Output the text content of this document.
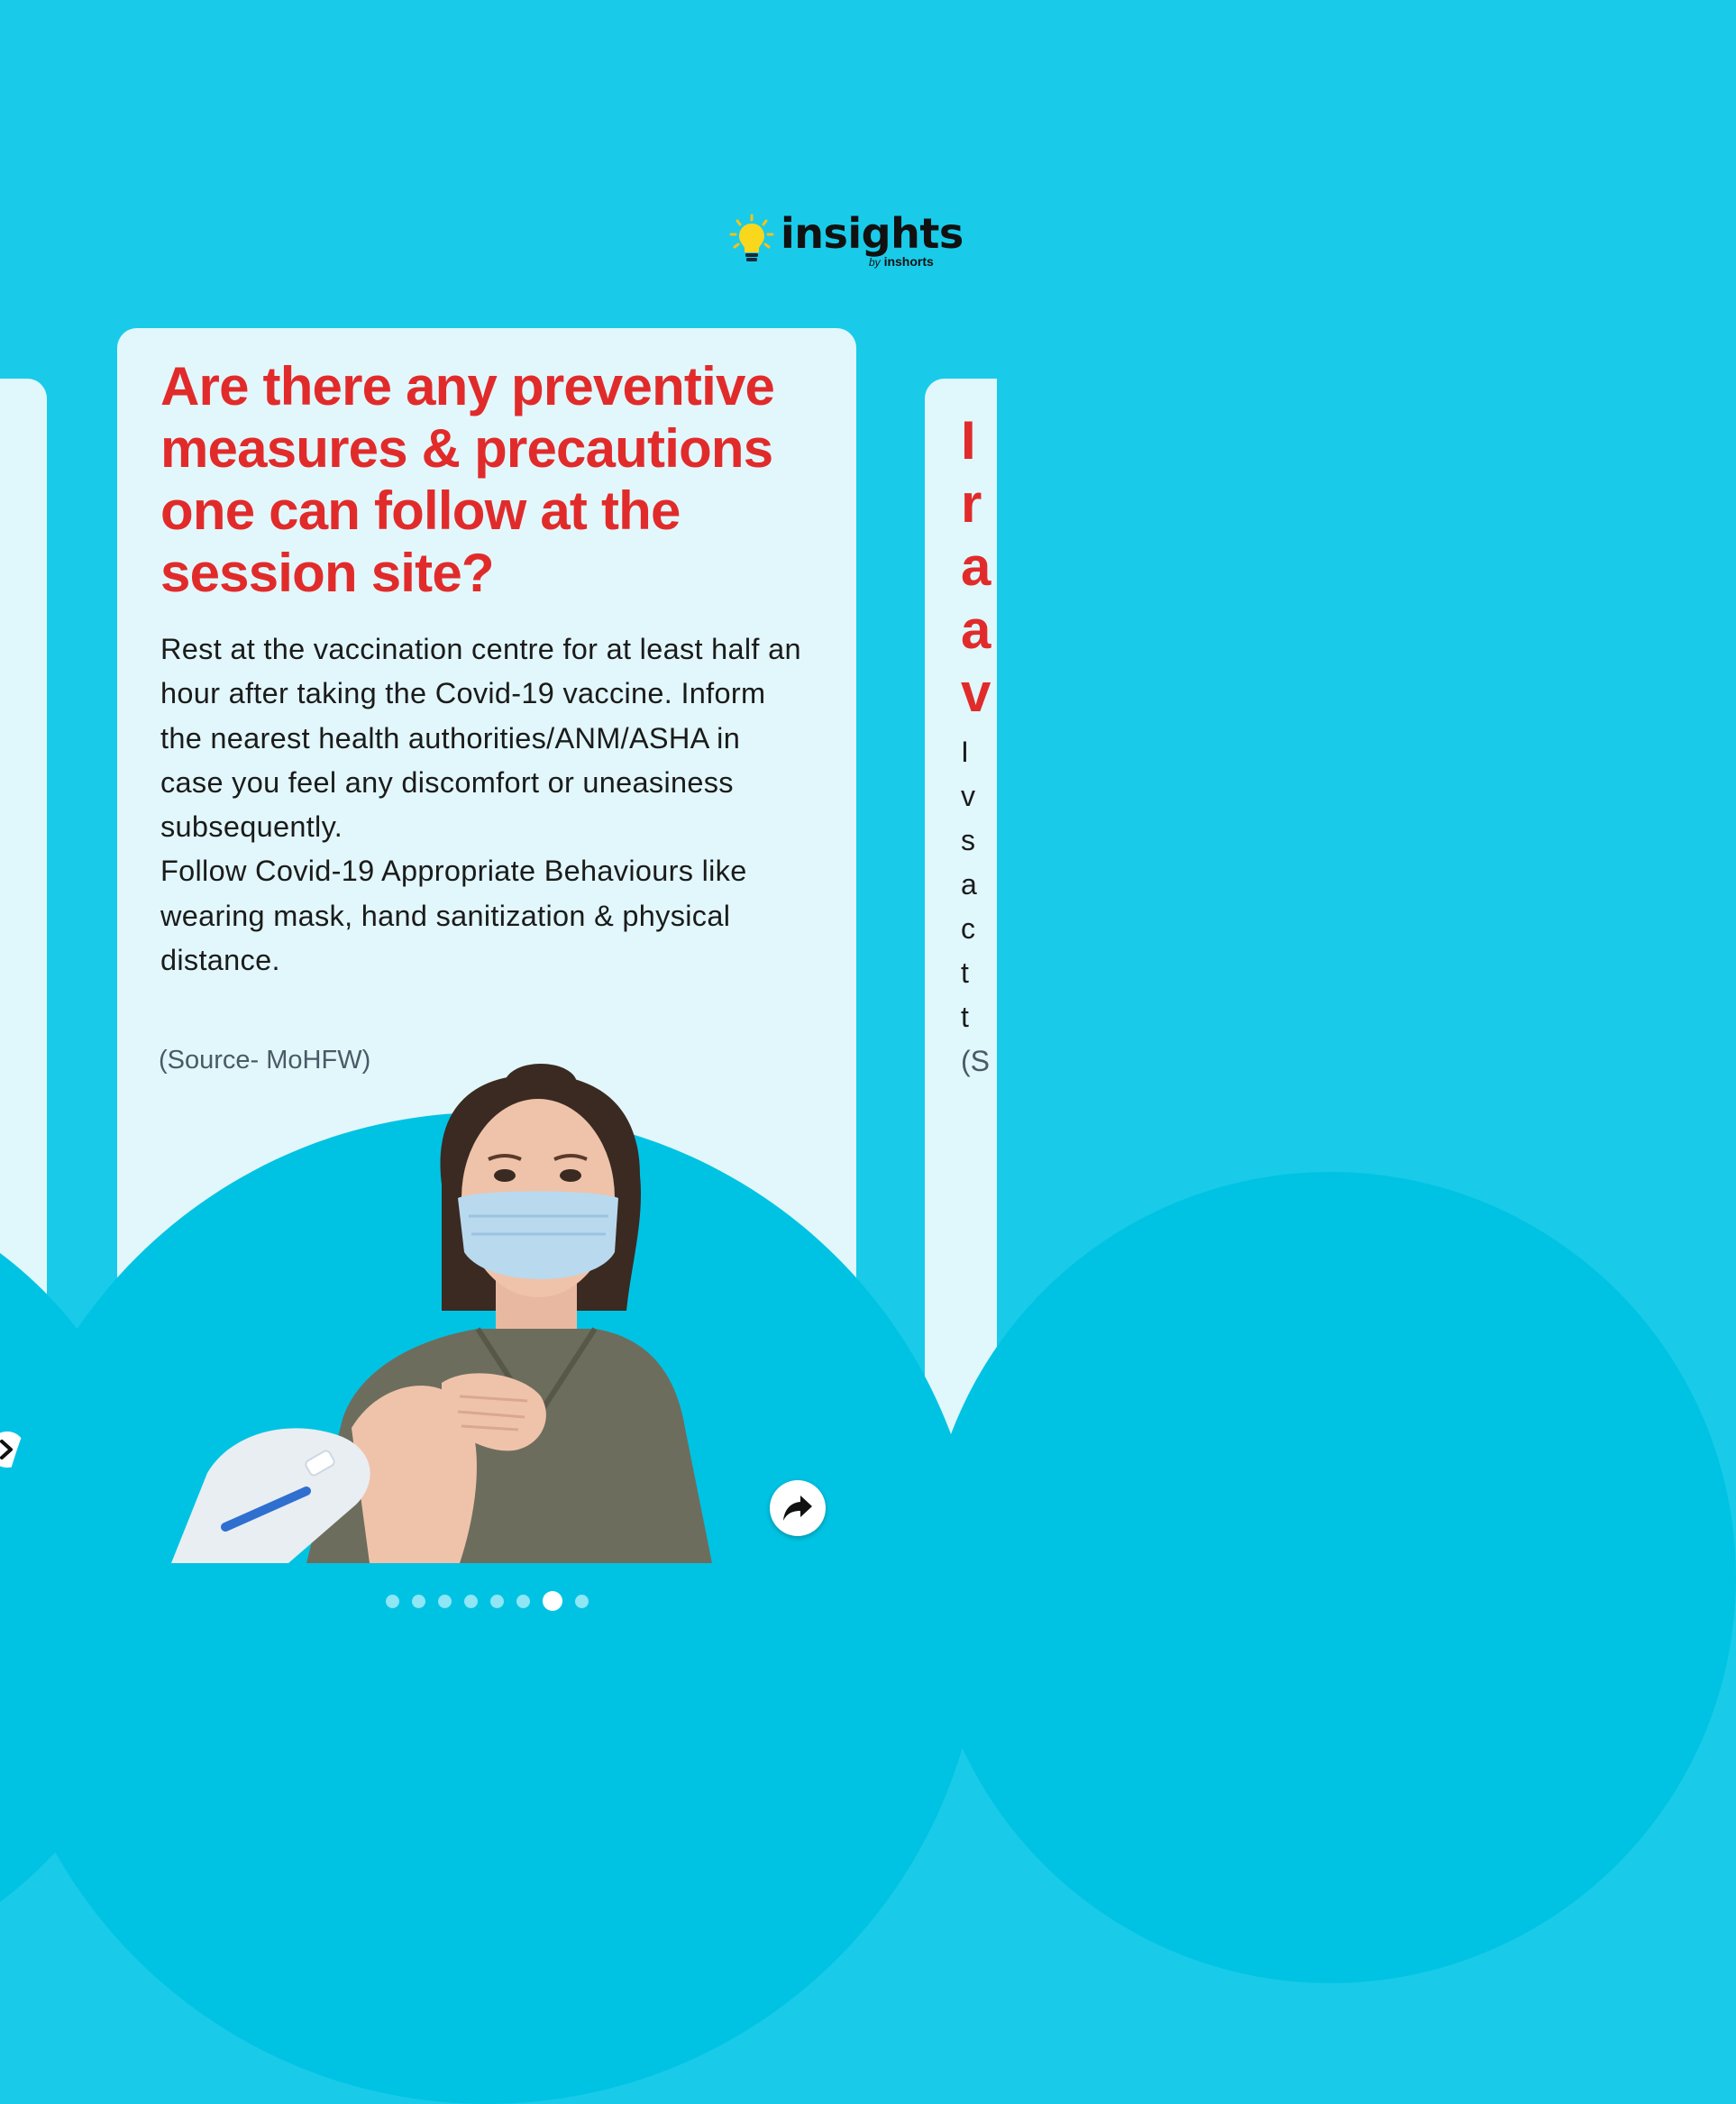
insights
by inshorts
I
r
a
a
v
I
v
s
a
c
t
t
(S
Are there any preventive measures & precautions one can follow at the session site?

Rest at the vaccination centre for at least half an hour after taking the Covid-19 vaccine. Inform the nearest health authorities/ANM/ASHA in case you feel any discomfort or uneasiness subsequently.

Follow Covid-19 Appropriate Behaviours like wearing mask, hand sanitization & physical distance.

(Source- MoHFW)
